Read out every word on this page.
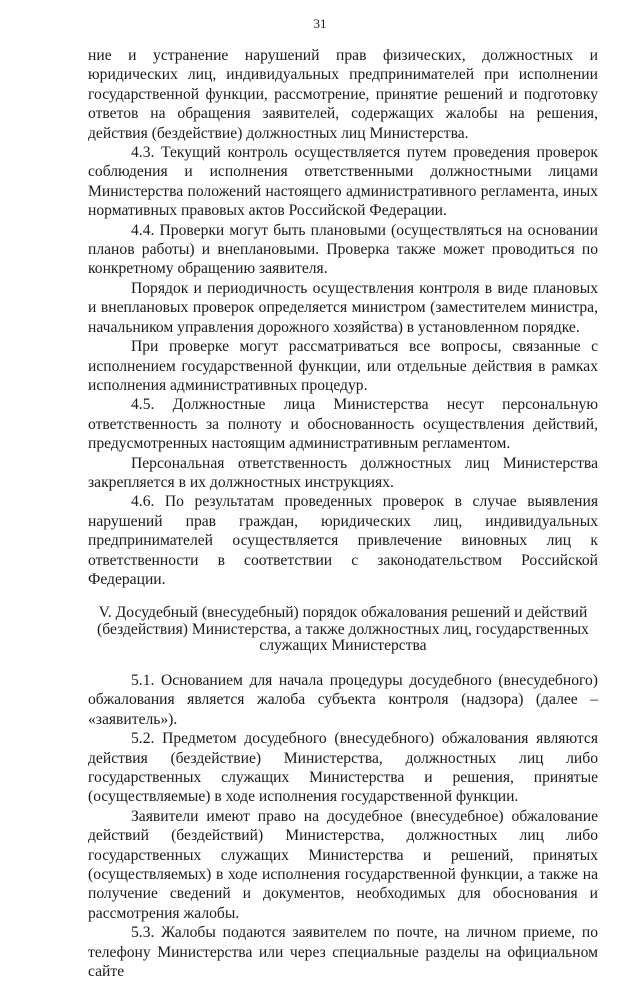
31

ние и устранение нарушений прав физических, должностных и юридических лиц, индивидуальных предпринимателей при исполнении государственной функции, рассмотрение, принятие решений и подготовку ответов на обращения заявителей, содержащих жалобы на решения, действия (бездействие) должностных лиц Министерства.

4.3. Текущий контроль осуществляется путем проведения проверок соблюдения и исполнения ответственными должностными лицами Министерства положений настоящего административного регламента, иных нормативных правовых актов Российской Федерации.

4.4. Проверки могут быть плановыми (осуществляться на основании планов работы) и внеплановыми. Проверка также может проводиться по конкретному обращению заявителя.

Порядок и периодичность осуществления контроля в виде плановых и внеплановых проверок определяется министром (заместителем министра, начальником управления дорожного хозяйства) в установленном порядке.

При проверке могут рассматриваться все вопросы, связанные с исполнением государственной функции, или отдельные действия в рамках исполнения административных процедур.

4.5. Должностные лица Министерства несут персональную ответственность за полноту и обоснованность осуществления действий, предусмотренных настоящим административным регламентом.

Персональная ответственность должностных лиц Министерства закрепляется в их должностных инструкциях.

4.6. По результатам проведенных проверок в случае выявления нарушений прав граждан, юридических лиц, индивидуальных предпринимателей осуществляется привлечение виновных лиц к ответственности в соответствии с законодательством Российской Федерации.

V. Досудебный (внесудебный) порядок обжалования решений и действий (бездействия) Министерства, а также должностных лиц, государственных служащих Министерства

5.1. Основанием для начала процедуры досудебного (внесудебного) обжалования является жалоба субъекта контроля (надзора) (далее – «заявитель»).

5.2. Предметом досудебного (внесудебного) обжалования являются действия (бездействие) Министерства, должностных лиц либо государственных служащих Министерства и решения, принятые (осуществляемые) в ходе исполнения государственной функции.

Заявители имеют право на досудебное (внесудебное) обжалование действий (бездействий) Министерства, должностных лиц либо государственных служащих Министерства и решений, принятых (осуществляемых) в ходе исполнения государственной функции, а также на получение сведений и документов, необходимых для обоснования и рассмотрения жалобы.

5.3. Жалобы подаются заявителем по почте, на личном приеме, по телефону Министерства или через специальные разделы на официальном сайте
